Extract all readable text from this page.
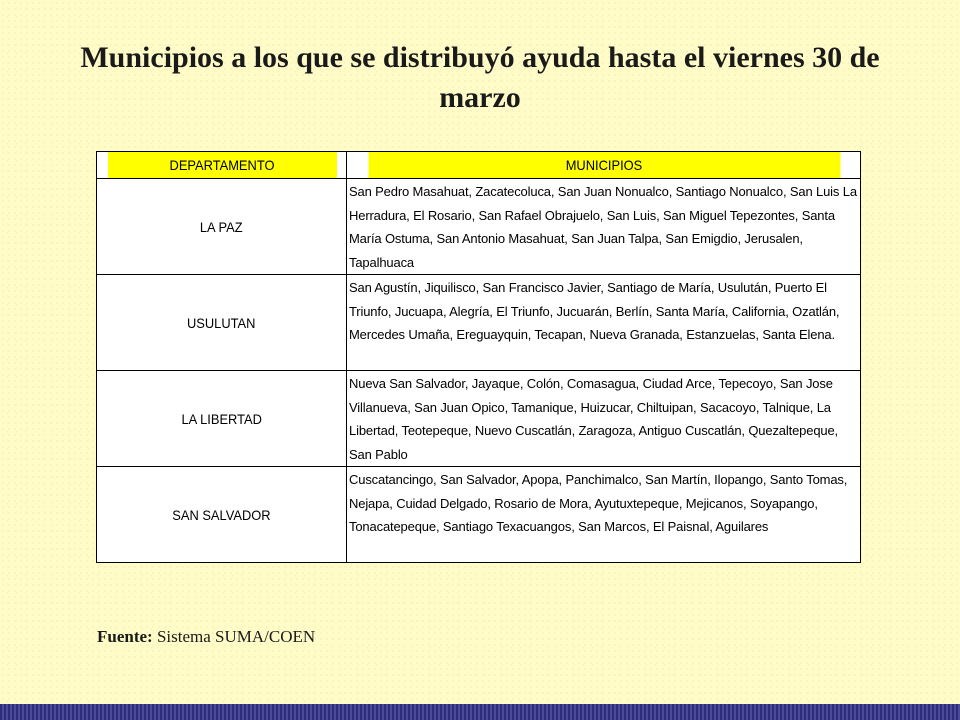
Municipios a los que se distribuyó ayuda hasta el viernes 30 de marzo
DEPARTAMENTO	MUNICIPIOS
LA PAZ	San Pedro Masahuat, Zacatecoluca, San Juan Nonualco, Santiago Nonualco, San Luis La Herradura, El Rosario, San Rafael Obrajuelo, San Luis, San Miguel Tepezontes, Santa María Ostuma, San Antonio Masahuat, San Juan Talpa, San Emigdio, Jerusalen, Tapalhuaca
USULUTAN	San Agustín, Jiquilisco, San Francisco Javier, Santiago de María, Usulután, Puerto El Triunfo, Jucuapa, Alegría, El Triunfo, Jucuarán, Berlín, Santa María, California, Ozatlán, Mercedes Umaña, Ereguayquin, Tecapan, Nueva Granada, Estanzuelas, Santa Elena.
LA LIBERTAD	Nueva San Salvador, Jayaque, Colón, Comasagua, Ciudad Arce, Tepecoyo, San Jose Villanueva, San Juan Opico, Tamanique, Huizucar, Chiltuipan, Sacacoyo, Talnique, La Libertad, Teotepeque, Nuevo Cuscatlán, Zaragoza, Antiguo Cuscatlán, Quezaltepeque, San Pablo
SAN SALVADOR	Cuscatancingo, San Salvador, Apopa, Panchimalco, San Martín, Ilopango, Santo Tomas, Nejapa, Cuidad Delgado, Rosario de Mora, Ayutuxtepeque, Mejicanos, Soyapango, Tonacatepeque, Santiago Texacuangos, San Marcos, El Paisnal, Aguilares
Fuente: Sistema SUMA/COEN
